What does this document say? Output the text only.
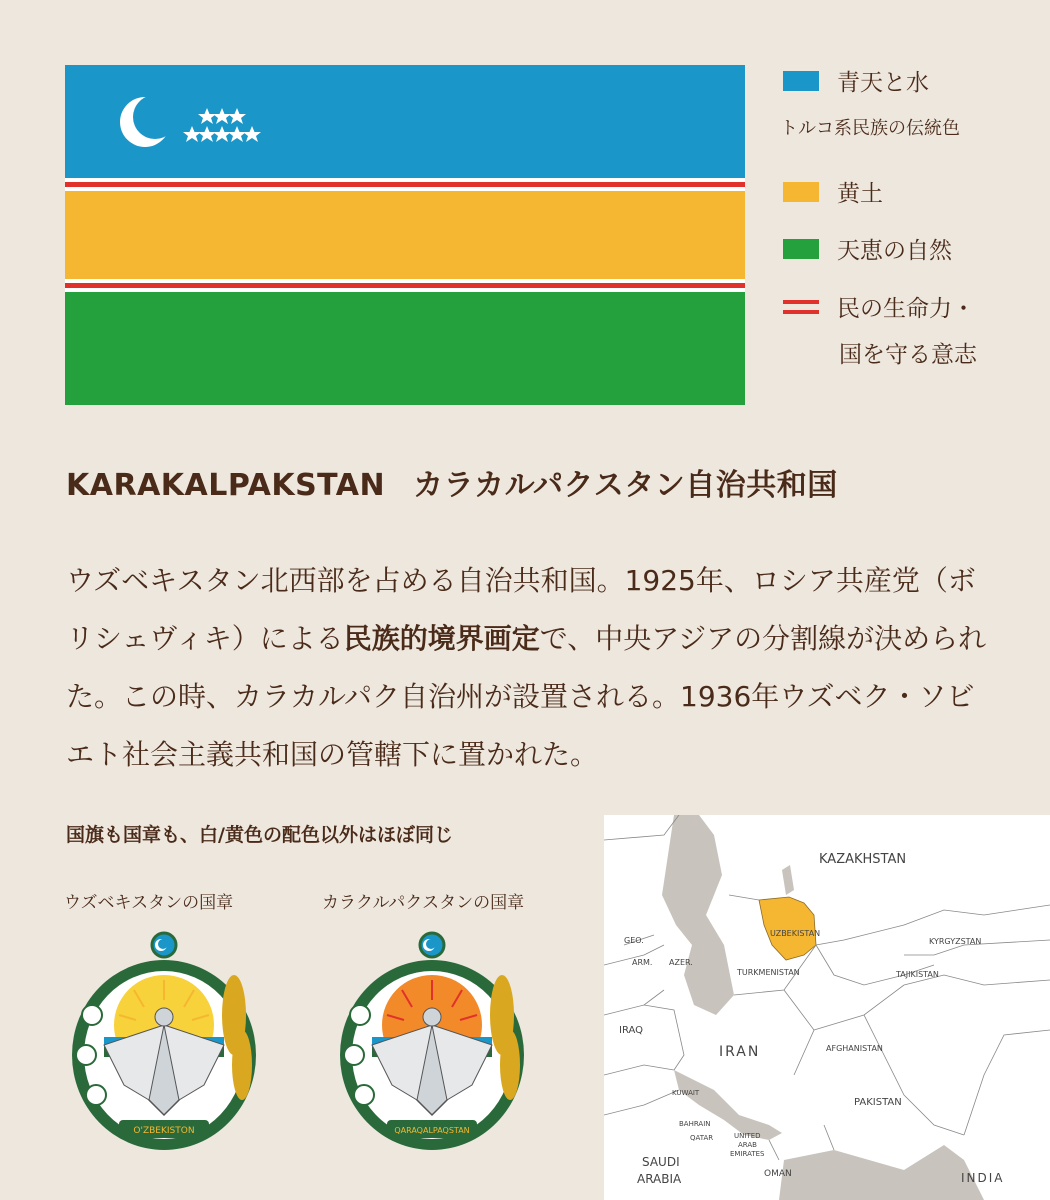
青天と水
トルコ系民族の伝統色
黄土
天恵の自然
民の生命力・
国を守る意志
KARAKALPAKSTAN カラカルパクスタン自治共和国
ウズベキスタン北西部を占める自治共和国。1925年、ロシア共産党（ボリシェヴィキ）による民族的境界画定で、中央アジアの分割線が決められた。この時、カラカルパク自治州が設置される。1936年ウズベク・ソビエト社会主義共和国の管轄下に置かれた。
国旗も国章も、白/黄色の配色以外はほぼ同じ
ウズベキスタンの国章	カラクルパクスタンの国章
O'ZBEKISTON	QARAQALPAQSTAN
KAZAKHSTAN
UZBEKISTAN
KYRGYZSTAN
TAJIKISTAN
TURKMENISTAN
GEO.
ARM. AZER.
IRAQ
IRAN	AFGHANISTAN
PAKISTAN
KUWAIT
BAHRAIN
QATAR	UNITED
ARAB
EMIRATES
OMAN
SAUDI
ARABIA	INDIA
